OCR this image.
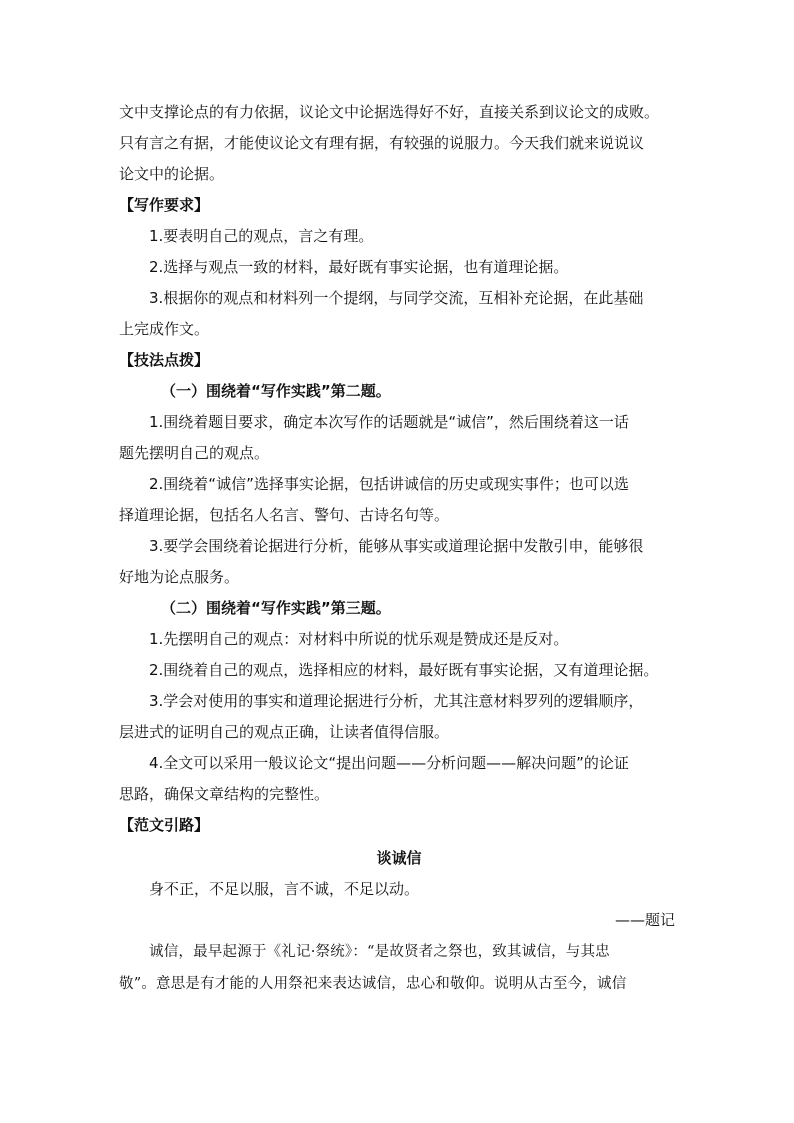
文中支撑论点的有力依据，议论文中论据选得好不好，直接关系到议论文的成败。
只有言之有据，才能使议论文有理有据，有较强的说服力。今天我们就来说说议
论文中的论据。
【写作要求】
1.要表明自己的观点，言之有理。
2.选择与观点一致的材料，最好既有事实论据，也有道理论据。
3.根据你的观点和材料列一个提纲，与同学交流，互相补充论据，在此基础
上完成作文。
【技法点拨】
（一）围绕着“写作实践”第二题。
1.围绕着题目要求，确定本次写作的话题就是“诚信”，然后围绕着这一话
题先摆明自己的观点。
2.围绕着“诚信”选择事实论据，包括讲诚信的历史或现实事件；也可以选
择道理论据，包括名人名言、警句、古诗名句等。
3.要学会围绕着论据进行分析，能够从事实或道理论据中发散引申，能够很
好地为论点服务。
（二）围绕着“写作实践”第三题。
1.先摆明自己的观点：对材料中所说的忧乐观是赞成还是反对。
2.围绕着自己的观点，选择相应的材料，最好既有事实论据，又有道理论据。
3.学会对使用的事实和道理论据进行分析，尤其注意材料罗列的逻辑顺序，
层进式的证明自己的观点正确，让读者值得信服。
4.全文可以采用一般议论文“提出问题——分析问题——解决问题”的论证
思路，确保文章结构的完整性。
【范文引路】
谈诚信
身不正，不足以服，言不诚，不足以动。
——题记
诚信，最早起源于《礼记·祭统》：“是故贤者之祭也，致其诚信，与其忠
敬”。意思是有才能的人用祭祀来表达诚信，忠心和敬仰。说明从古至今，诚信
